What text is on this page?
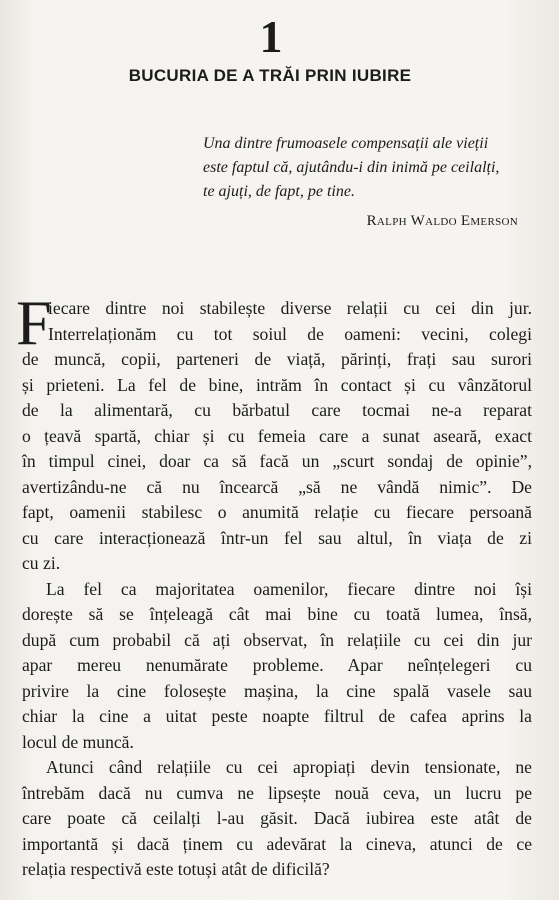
1
BUCURIA DE A TRĂI PRIN IUBIRE
Una dintre frumoasele compensații ale vieții
este faptul că, ajutându-i din inimă pe ceilalți,
te ajuți, de fapt, pe tine.
Ralph Waldo Emerson
F
iecare dintre noi stabilește diverse relații cu cei din jur.
Interrelaționăm cu tot soiul de oameni: vecini, colegi
de muncă, copii, parteneri de viață, părinți, frați sau surori
și prieteni. La fel de bine, intrăm în contact și cu vânzătorul
de la alimentară, cu bărbatul care tocmai ne-a reparat
o țeavă spartă, chiar și cu femeia care a sunat aseară, exact
în timpul cinei, doar ca să facă un „scurt sondaj de opinie”,
avertizându-ne că nu încearcă „să ne vândă nimic”. De
fapt, oamenii stabilesc o anumită relație cu fiecare persoană
cu care interacționează într-un fel sau altul, în viața de zi
cu zi.
La fel ca majoritatea oamenilor, fiecare dintre noi își
dorește să se înțeleagă cât mai bine cu toată lumea, însă,
după cum probabil că ați observat, în relațiile cu cei din jur
apar mereu nenumărate probleme. Apar neînțelegeri cu
privire la cine folosește mașina, la cine spală vasele sau
chiar la cine a uitat peste noapte filtrul de cafea aprins la
locul de muncă.
Atunci când relațiile cu cei apropiați devin tensionate, ne
întrebăm dacă nu cumva ne lipsește nouă ceva, un lucru pe
care poate că ceilalți l-au găsit. Dacă iubirea este atât de
importantă și dacă ținem cu adevărat la cineva, atunci de ce
relația respectivă este totuși atât de dificilă?
